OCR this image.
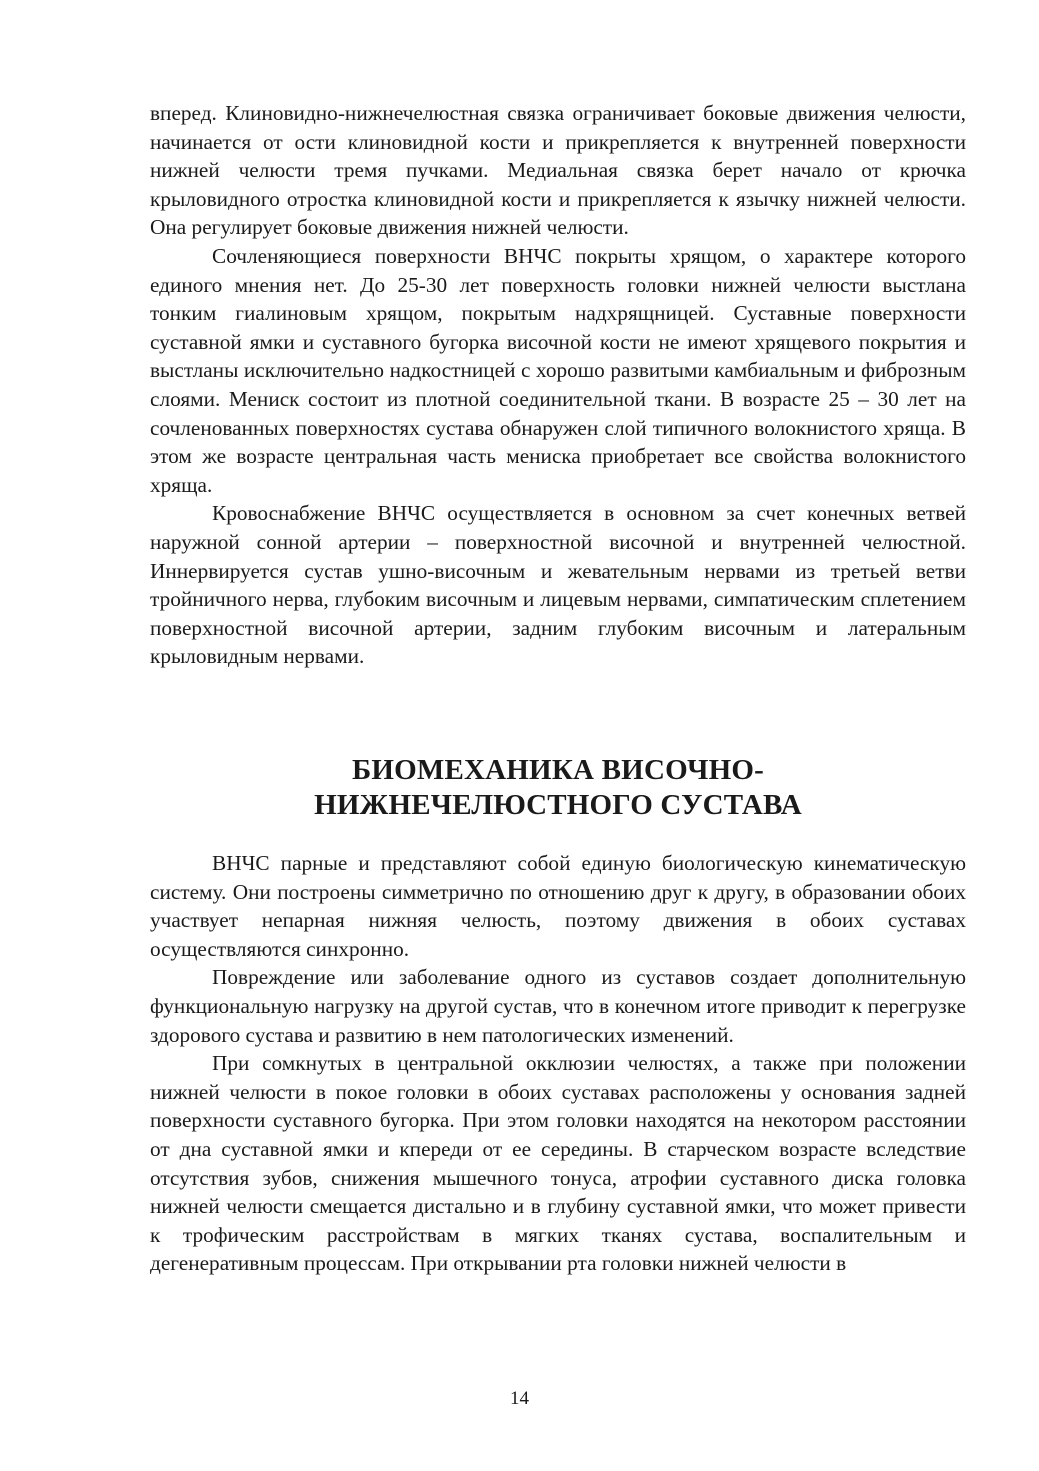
вперед. Клиновидно-нижнечелюстная связка ограничивает боковые движения челюсти, начинается от ости клиновидной кости и прикрепляется к внутренней поверхности нижней челюсти тремя пучками. Медиальная связка берет начало от крючка крыловидного отростка клиновидной кости и прикрепляется к язычку нижней челюсти. Она регулирует боковые движения нижней челюсти.

Сочленяющиеся поверхности ВНЧС покрыты хрящом, о характере которого единого мнения нет. До 25-30 лет поверхность головки нижней челюсти выстлана тонким гиалиновым хрящом, покрытым надхрящницей. Суставные поверхности суставной ямки и суставного бугорка височной кости не имеют хрящевого покрытия и выстланы исключительно надкостницей с хорошо развитыми камбиальным и фиброзным слоями. Мениск состоит из плотной соединительной ткани. В возрасте 25 – 30 лет на сочленованных поверхностях сустава обнаружен слой типичного волокнистого хряща. В этом же возрасте центральная часть мениска приобретает все свойства волокнистого хряща.

Кровоснабжение ВНЧС осуществляется в основном за счет конечных ветвей наружной сонной артерии – поверхностной височной и внутренней челюстной. Иннервируется сустав ушно-височным и жевательным нервами из третьей ветви тройничного нерва, глубоким височным и лицевым нервами, симпатическим сплетением поверхностной височной артерии, задним глубоким височным и латеральным крыловидным нервами.

БИОМЕХАНИКА ВИСОЧНО-
НИЖНЕЧЕЛЮСТНОГО СУСТАВА

ВНЧС парные и представляют собой единую биологическую кинематическую систему. Они построены симметрично по отношению друг к другу, в образовании обоих участвует непарная нижняя челюсть, поэтому движения в обоих суставах осуществляются синхронно.

Повреждение или заболевание одного из суставов создает дополнительную функциональную нагрузку на другой сустав, что в конечном итоге приводит к перегрузке здорового сустава и развитию в нем патологических изменений.

При сомкнутых в центральной окклюзии челюстях, а также при положении нижней челюсти в покое головки в обоих суставах расположены у основания задней поверхности суставного бугорка. При этом головки находятся на некотором расстоянии от дна суставной ямки и кпереди от ее середины. В старческом возрасте вследствие отсутствия зубов, снижения мышечного тонуса, атрофии суставного диска головка нижней челюсти смещается дистально и в глубину суставной ямки, что может привести к трофическим расстройствам в мягких тканях сустава, воспалительным и дегенеративным процессам. При открывании рта головки нижней челюсти в

14
